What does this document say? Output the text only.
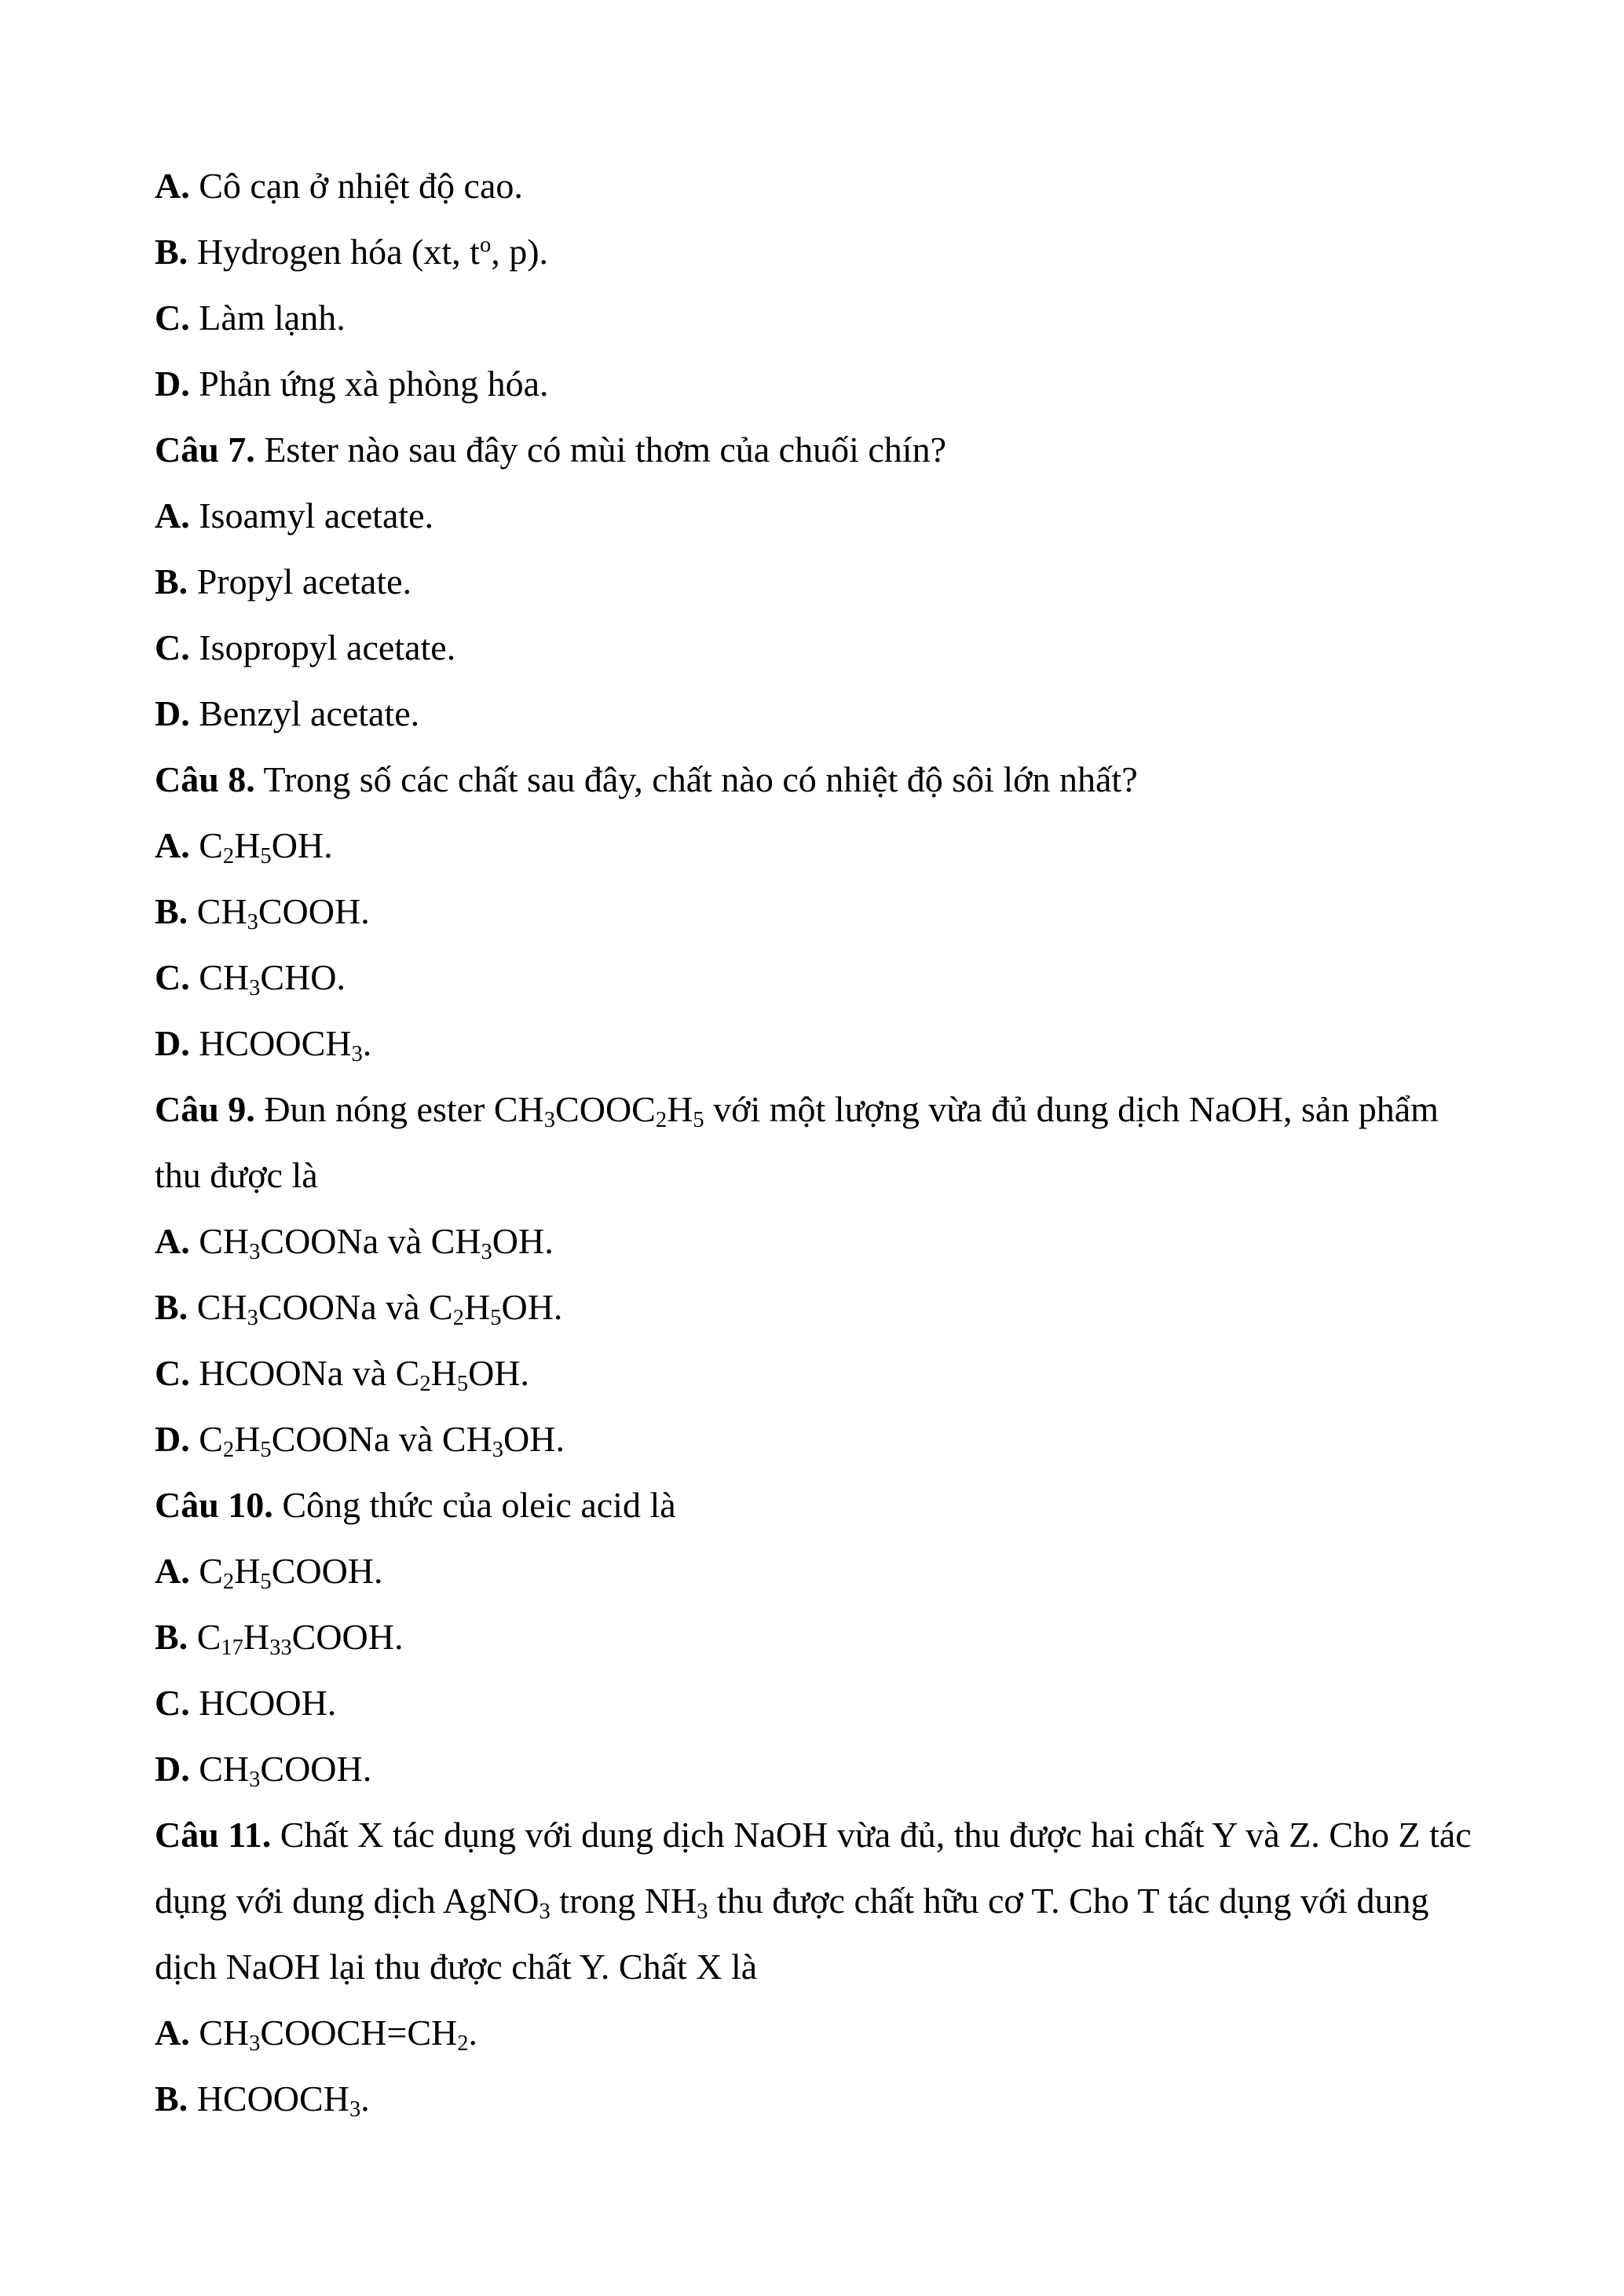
A. Cô cạn ở nhiệt độ cao.
B. Hydrogen hóa (xt, $t^o$, p).
C. Làm lạnh.
D. Phản ứng xà phòng hóa.
Câu 7. Ester nào sau đây có mùi thơm của chuối chín?
A. Isoamyl acetate.
B. Propyl acetate.
C. Isopropyl acetate.
D. Benzyl acetate.
Câu 8. Trong số các chất sau đây, chất nào có nhiệt độ sôi lớn nhất?
A. $C_2H_5OH$.
B. $CH_3COOH$.
C. $CH_3CHO$.
D. $HCOOCH_3$.
Câu 9. Đun nóng ester $CH_3COOC_2H_5$ với một lượng vừa đủ dung dịch NaOH, sản phẩm thu được là
A. $CH_3COONa$ và $CH_3OH$.
B. $CH_3COONa$ và $C_2H_5OH$.
C. HCOONa và $C_2H_5OH$.
D. $C_2H_5COONa$ và $CH_3OH$.
Câu 10. Công thức của oleic acid là
A. $C_2H_5COOH$.
B. $C_{17}H_{33}COOH$.
C. HCOOH.
D. $CH_3COOH$.
Câu 11. Chất X tác dụng với dung dịch NaOH vừa đủ, thu được hai chất Y và Z. Cho Z tác dụng với dung dịch AgNO$_3$ trong $NH_3$ thu được chất hữu cơ T. Cho T tác dụng với dung dịch NaOH lại thu được chất Y. Chất X là
A. $CH_3COOCH=CH_2$.
B. $HCOOCH_3$.
